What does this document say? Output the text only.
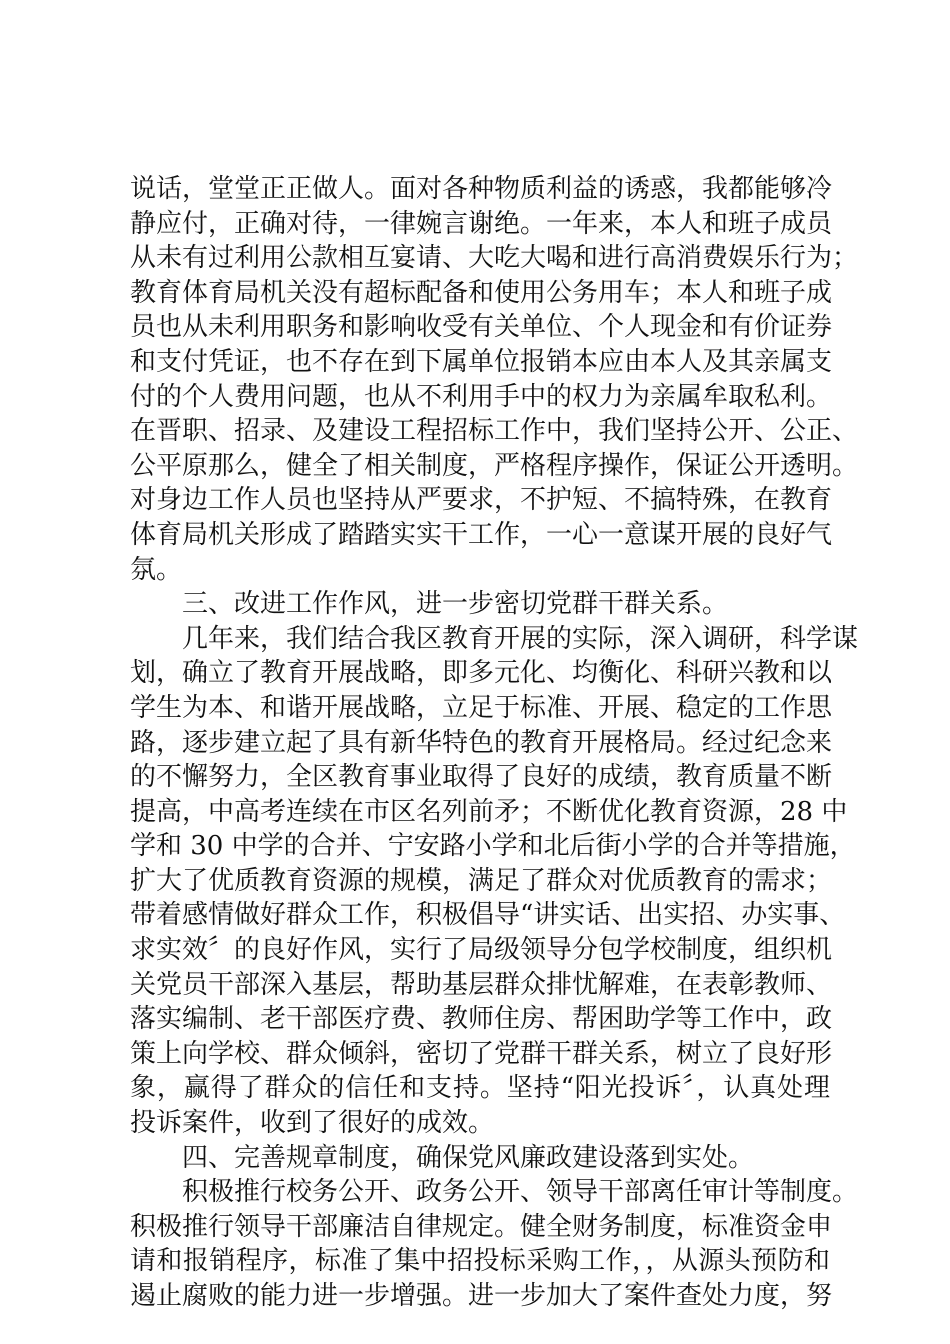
说话，堂堂正正做人。面对各种物质利益的诱惑，我都能够冷
静应付，正确对待，一律婉言谢绝。一年来，本人和班子成员
从未有过利用公款相互宴请、大吃大喝和进行高消费娱乐行为；
教育体育局机关没有超标配备和使用公务用车；本人和班子成
员也从未利用职务和影响收受有关单位、个人现金和有价证券
和支付凭证，也不存在到下属单位报销本应由本人及其亲属支
付的个人费用问题，也从不利用手中的权力为亲属牟取私利。
在晋职、招录、及建设工程招标工作中，我们坚持公开、公正、
公平原那么，健全了相关制度，严格程序操作，保证公开透明。
对身边工作人员也坚持从严要求，不护短、不搞特殊，在教育
体育局机关形成了踏踏实实干工作，一心一意谋开展的良好气
氛。
三、改进工作作风，进一步密切党群干群关系。
几年来，我们结合我区教育开展的实际，深入调研，科学谋
划，确立了教育开展战略，即多元化、均衡化、科研兴教和以
学生为本、和谐开展战略，立足于标准、开展、稳定的工作思
路，逐步建立起了具有新华特色的教育开展格局。经过纪念来
的不懈努力，全区教育事业取得了良好的成绩，教育质量不断
提高，中高考连续在市区名列前矛；不断优化教育资源，28 中
学和 30 中学的合并、宁安路小学和北后街小学的合并等措施，
扩大了优质教育资源的规模，满足了群众对优质教育的需求；
带着感情做好群众工作，积极倡导“讲实话、出实招、办实事、
求实效〞的良好作风，实行了局级领导分包学校制度，组织机
关党员干部深入基层，帮助基层群众排忧解难，在表彰教师、
落实编制、老干部医疗费、教师住房、帮困助学等工作中，政
策上向学校、群众倾斜，密切了党群干群关系，树立了良好形
象，赢得了群众的信任和支持。坚持“阳光投诉〞，认真处理
投诉案件，收到了很好的成效。
四、完善规章制度，确保党风廉政建设落到实处。
积极推行校务公开、政务公开、领导干部离任审计等制度。
积极推行领导干部廉洁自律规定。健全财务制度，标准资金申
请和报销程序，标准了集中招投标采购工作，，从源头预防和
遏止腐败的能力进一步增强。进一步加大了案件查处力度，努
